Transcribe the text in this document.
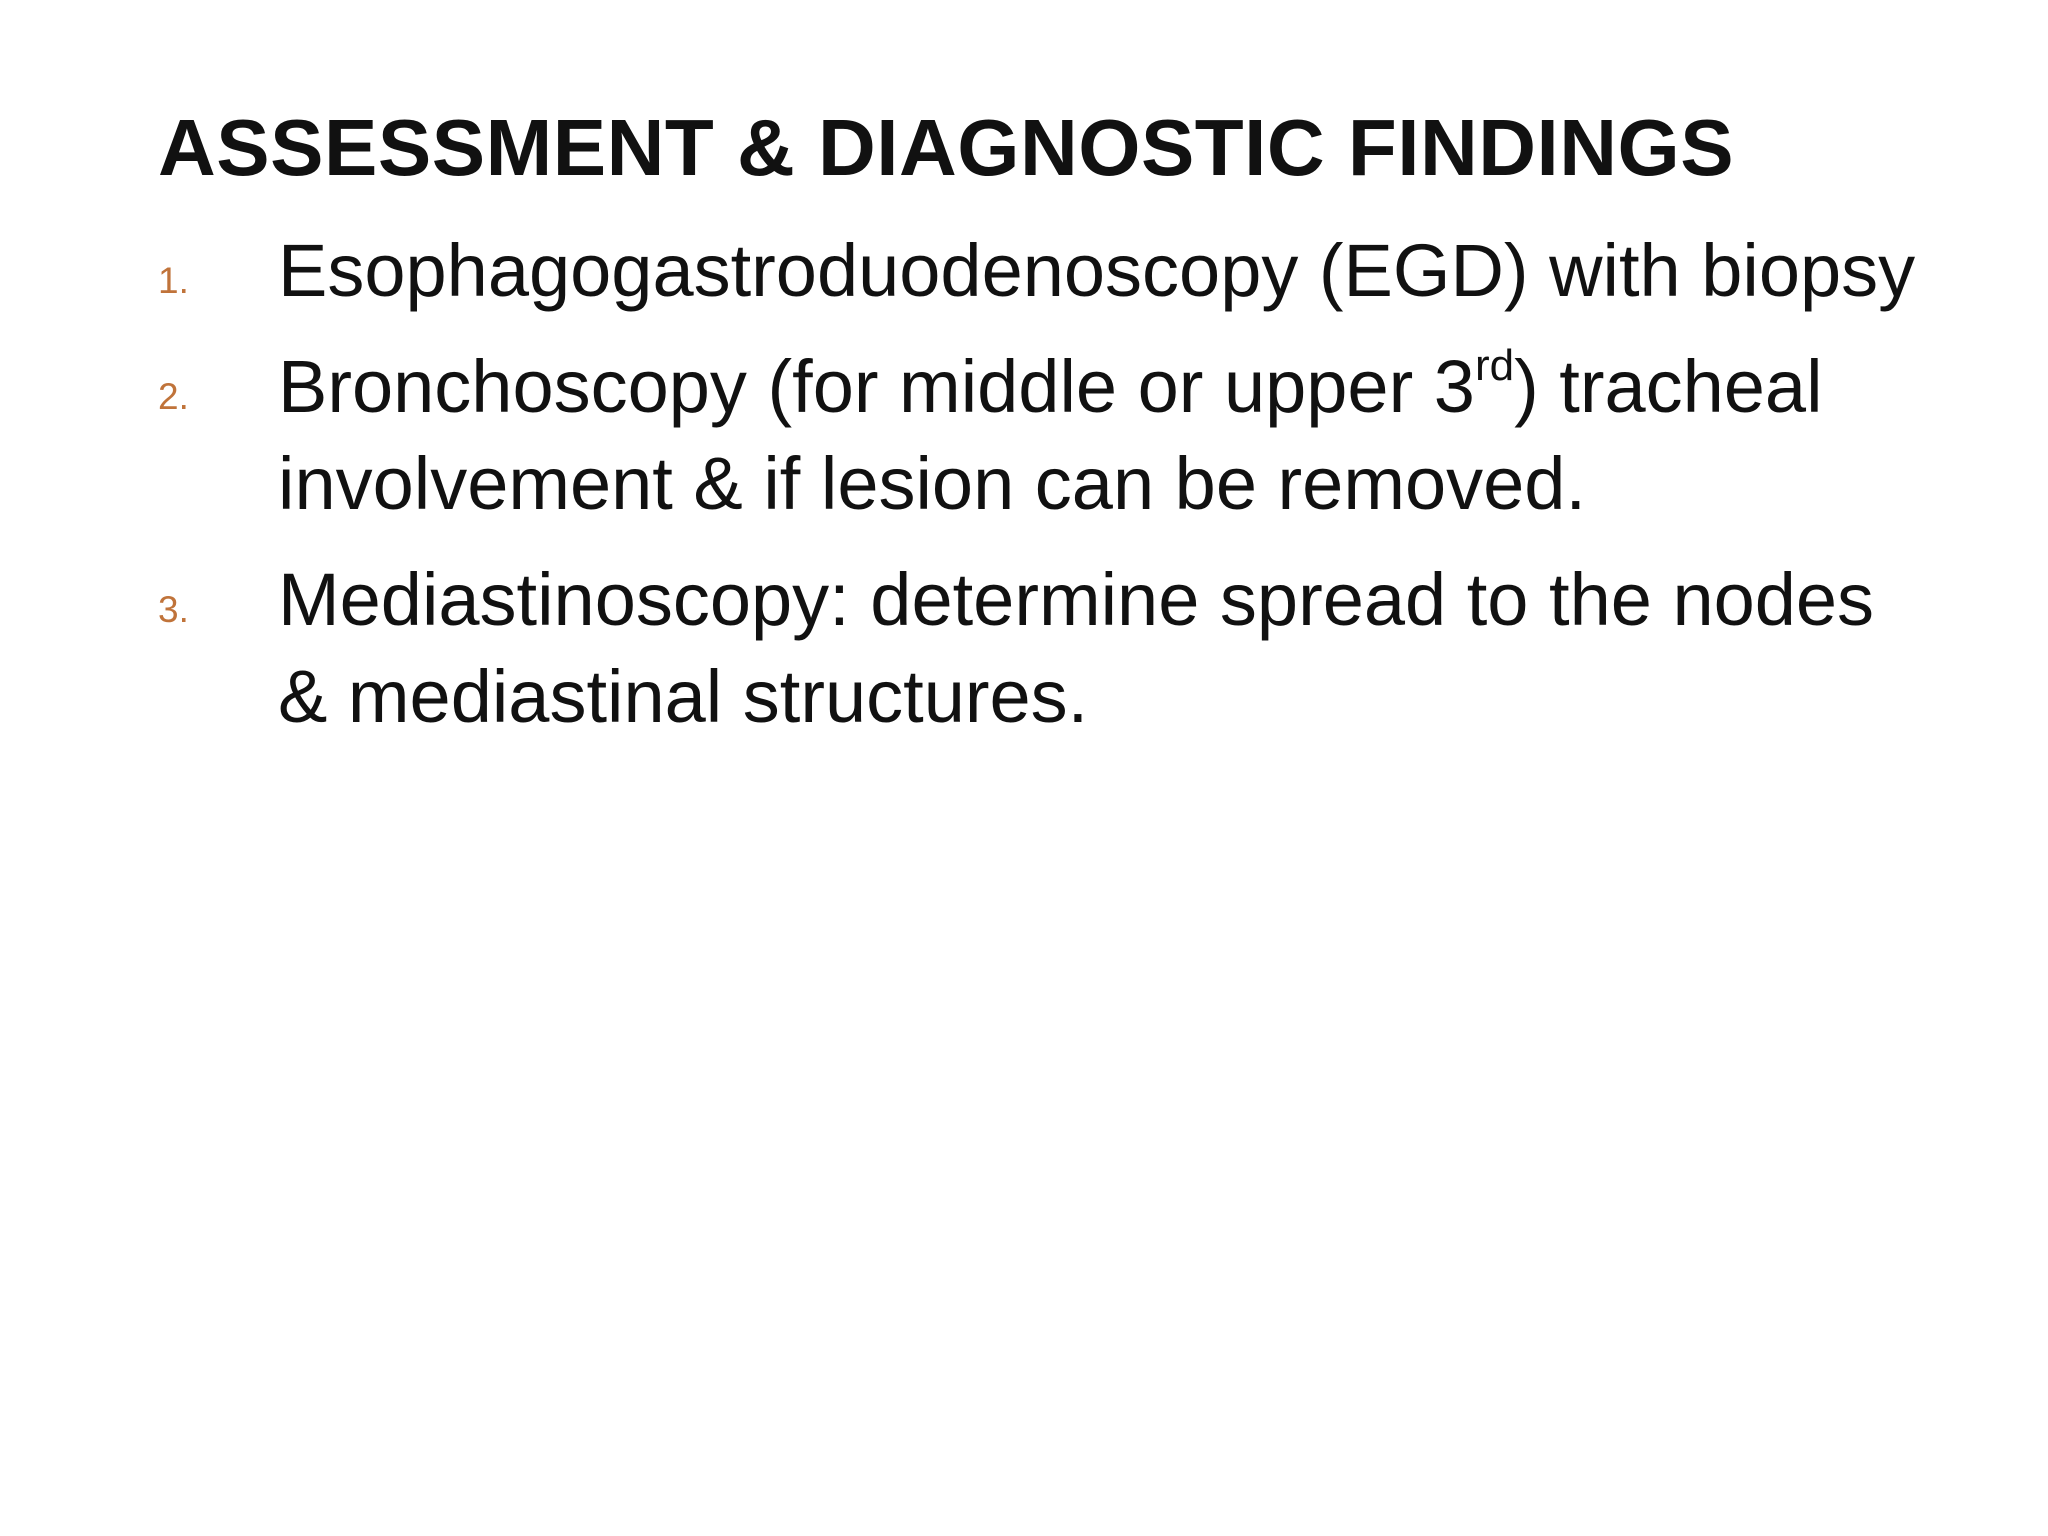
ASSESSMENT & DIAGNOSTIC FINDINGS
1. Esophagogastroduodenoscopy (EGD) with biopsy
2. Bronchoscopy (for middle or upper 3rd) tracheal involvement & if lesion can be removed.
3. Mediastinoscopy: determine spread to the nodes & mediastinal structures.
